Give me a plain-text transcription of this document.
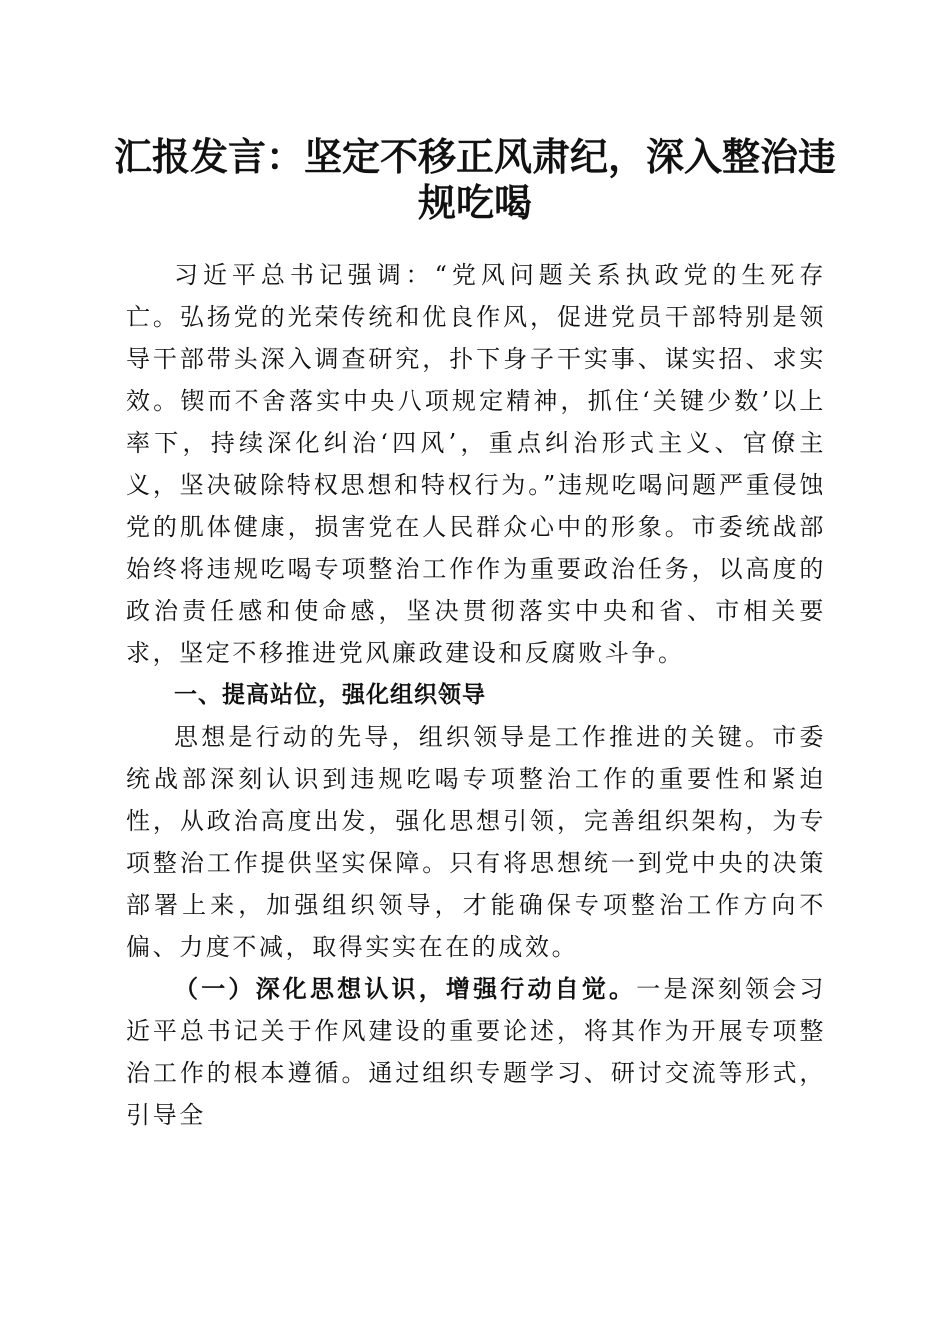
汇报发言：坚定不移正风肃纪，深入整治违规吃喝

习近平总书记强调：“党风问题关系执政党的生死存亡。弘扬党的光荣传统和优良作风，促进党员干部特别是领导干部带头深入调查研究，扑下身子干实事、谋实招、求实效。锲而不舍落实中央八项规定精神，抓住‘关键少数’以上率下，持续深化纠治‘四风’，重点纠治形式主义、官僚主义，坚决破除特权思想和特权行为。”违规吃喝问题严重侵蚀党的肌体健康，损害党在人民群众心中的形象。市委统战部始终将违规吃喝专项整治工作作为重要政治任务，以高度的政治责任感和使命感，坚决贯彻落实中央和省、市相关要求，坚定不移推进党风廉政建设和反腐败斗争。

一、提高站位，强化组织领导

思想是行动的先导，组织领导是工作推进的关键。市委统战部深刻认识到违规吃喝专项整治工作的重要性和紧迫性，从政治高度出发，强化思想引领，完善组织架构，为专项整治工作提供坚实保障。只有将思想统一到党中央的决策部署上来，加强组织领导，才能确保专项整治工作方向不偏、力度不减，取得实实在在的成效。

（一）深化思想认识，增强行动自觉。一是深刻领会习近平总书记关于作风建设的重要论述，将其作为开展专项整治工作的根本遵循。通过组织专题学习、研讨交流等形式，引导全
